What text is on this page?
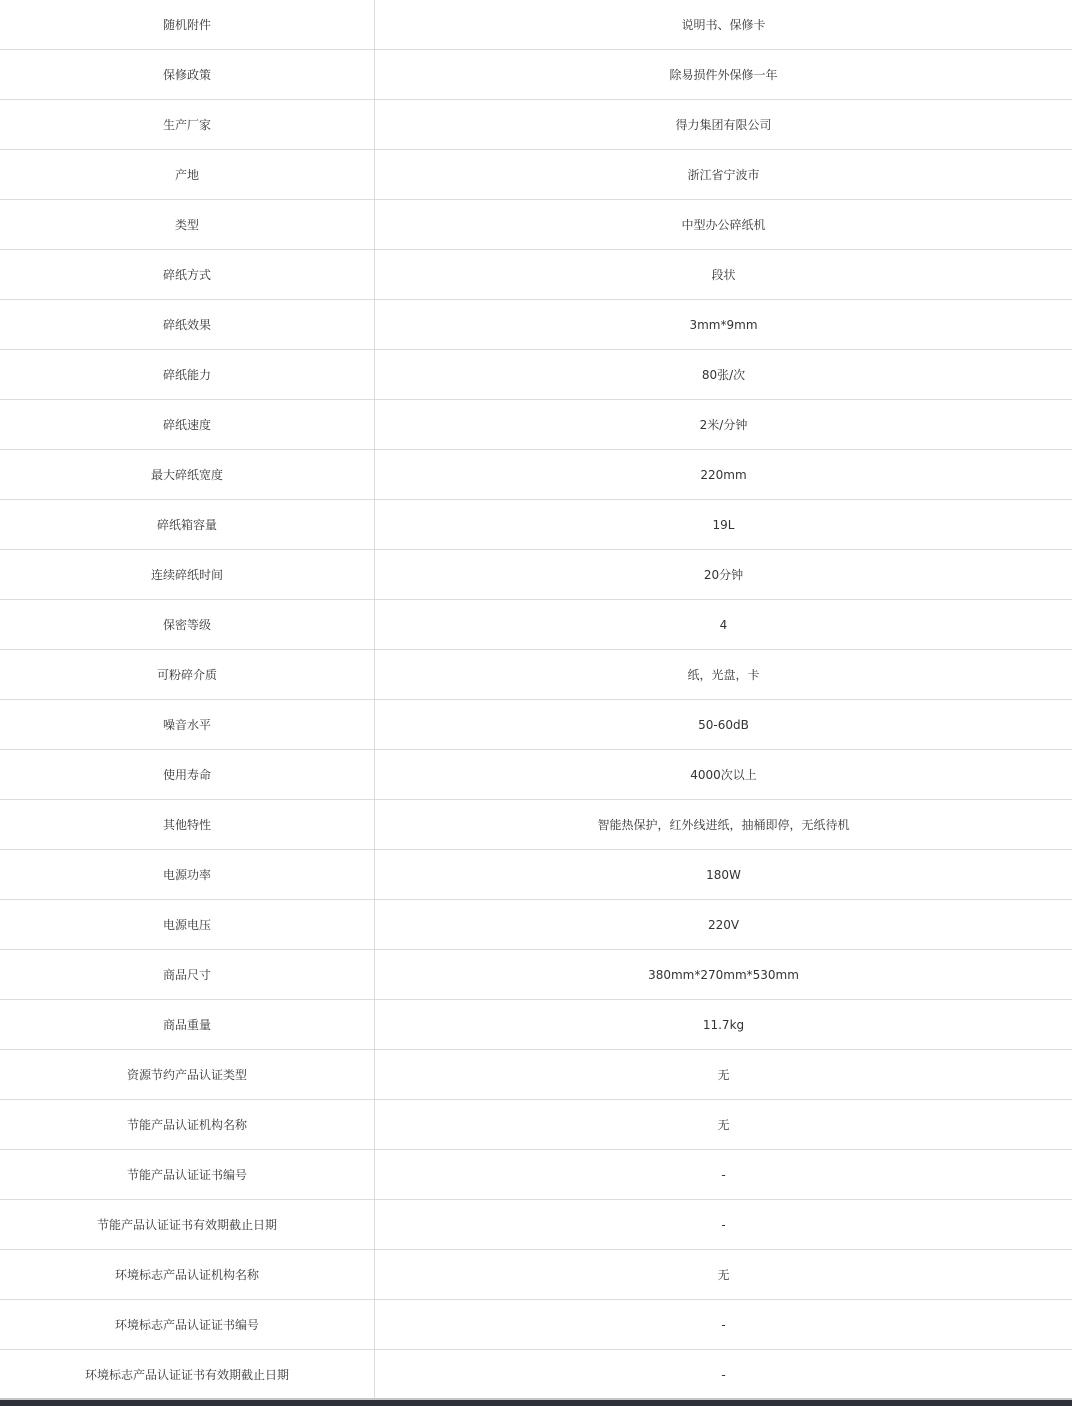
随机附件	说明书、保修卡
保修政策	除易损件外保修一年
生产厂家	得力集团有限公司
产地	浙江省宁波市
类型	中型办公碎纸机
碎纸方式	段状
碎纸效果	3mm*9mm
碎纸能力	80张/次
碎纸速度	2米/分钟
最大碎纸宽度	220mm
碎纸箱容量	19L
连续碎纸时间	20分钟
保密等级	4
可粉碎介质	纸，光盘，卡
噪音水平	50-60dB
使用寿命	4000次以上
其他特性	智能热保护，红外线进纸，抽桶即停，无纸待机
电源功率	180W
电源电压	220V
商品尺寸	380mm*270mm*530mm
商品重量	11.7kg
资源节约产品认证类型	无
节能产品认证机构名称	无
节能产品认证证书编号	-
节能产品认证证书有效期截止日期	-
环境标志产品认证机构名称	无
环境标志产品认证证书编号	-
环境标志产品认证证书有效期截止日期	-
